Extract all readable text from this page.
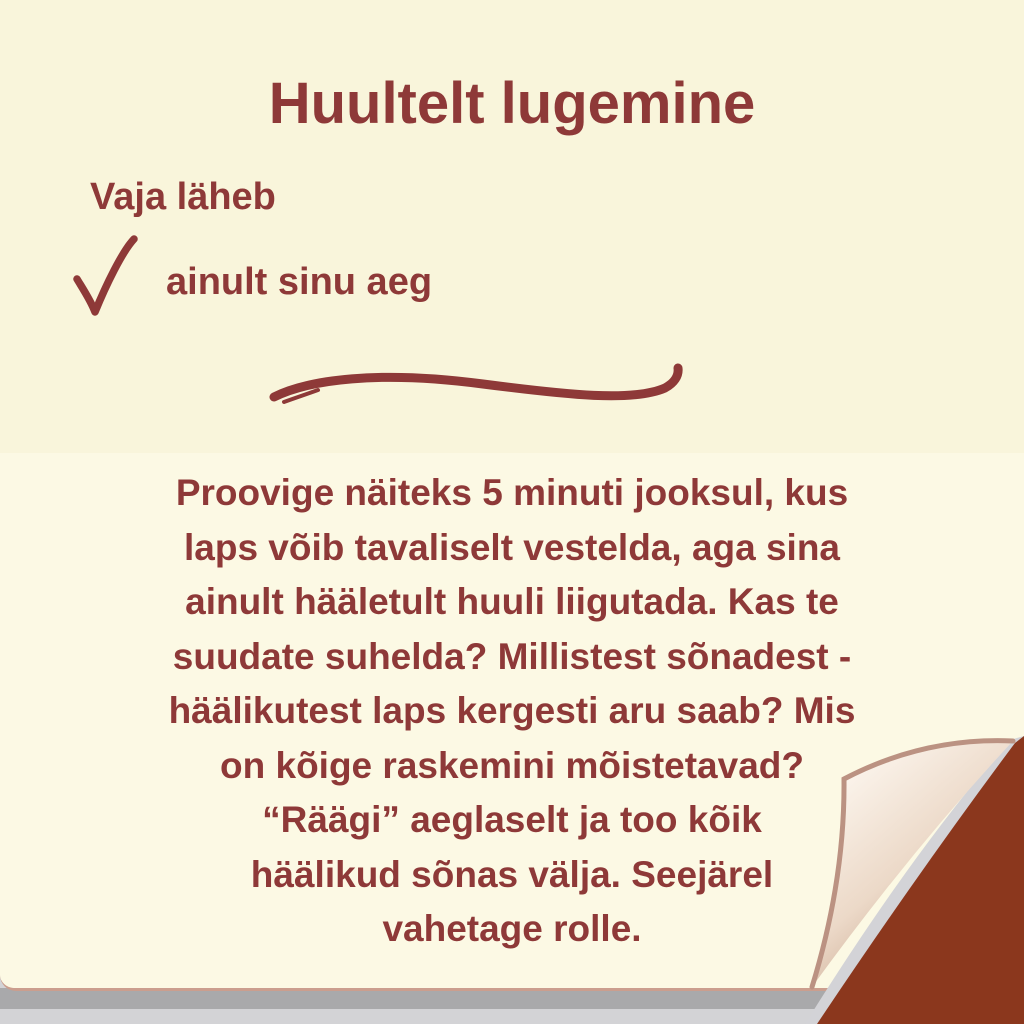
Huultelt lugemine
Vaja läheb
ainult sinu aeg
Proovige näiteks 5 minuti jooksul, kus
laps võib tavaliselt vestelda, aga sina
ainult hääletult huuli liigutada. Kas te
suudate suhelda? Millistest sõnadest -
häälikutest laps kergesti aru saab? Mis
on kõige raskemini mõistetavad?
“Räägi” aeglaselt ja too kõik
häälikud sõnas välja. Seejärel
vahetage rolle.
